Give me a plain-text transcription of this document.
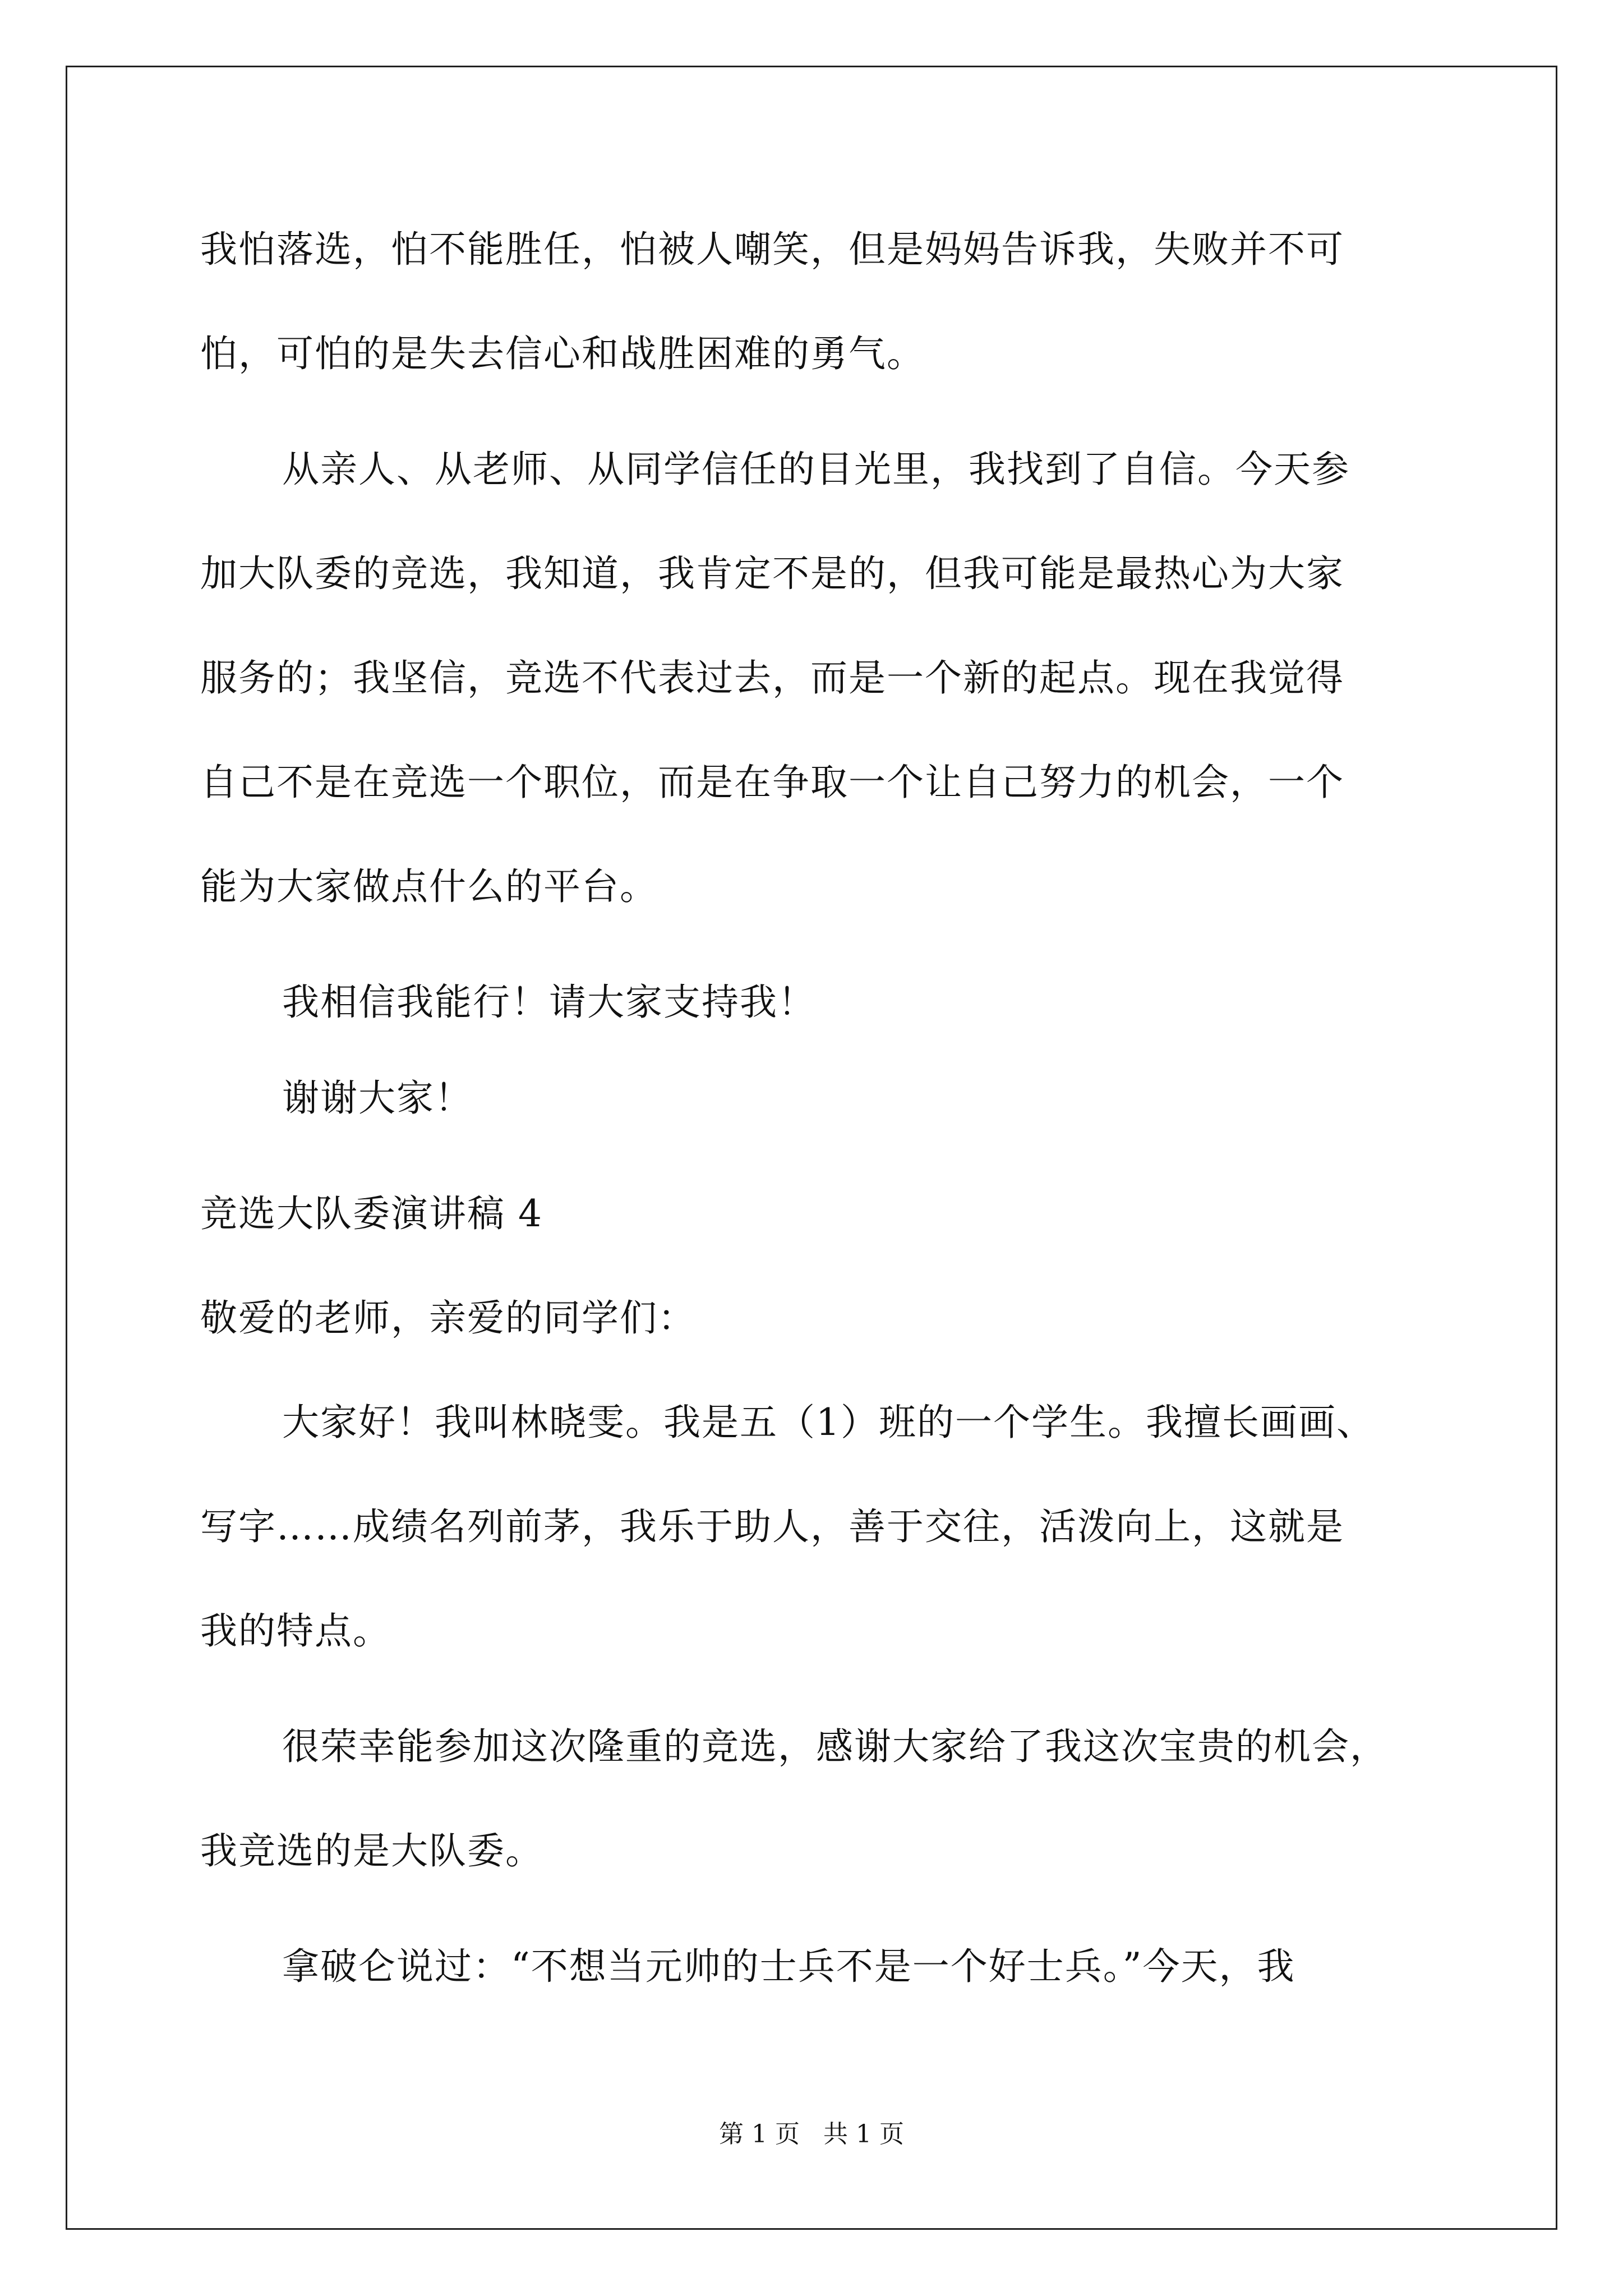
我怕落选，怕不能胜任，怕被人嘲笑，但是妈妈告诉我，失败并不可
怕，可怕的是失去信心和战胜困难的勇气。
从亲人、从老师、从同学信任的目光里，我找到了自信。今天参
加大队委的竞选，我知道，我肯定不是的，但我可能是最热心为大家
服务的；我坚信，竞选不代表过去，而是一个新的起点。现在我觉得
自己不是在竞选一个职位，而是在争取一个让自己努力的机会，一个
能为大家做点什么的平台。
我相信我能行！请大家支持我！
谢谢大家！
竞选大队委演讲稿 4
敬爱的老师，亲爱的同学们：
大家好！我叫林晓雯。我是五（1）班的一个学生。我擅长画画、
写字……成绩名列前茅，我乐于助人，善于交往，活泼向上，这就是
我的特点。
很荣幸能参加这次隆重的竞选，感谢大家给了我这次宝贵的机会，
我竞选的是大队委。
拿破仑说过：“不想当元帅的士兵不是一个好士兵。”今天，我
第 1 页   共 1 页
